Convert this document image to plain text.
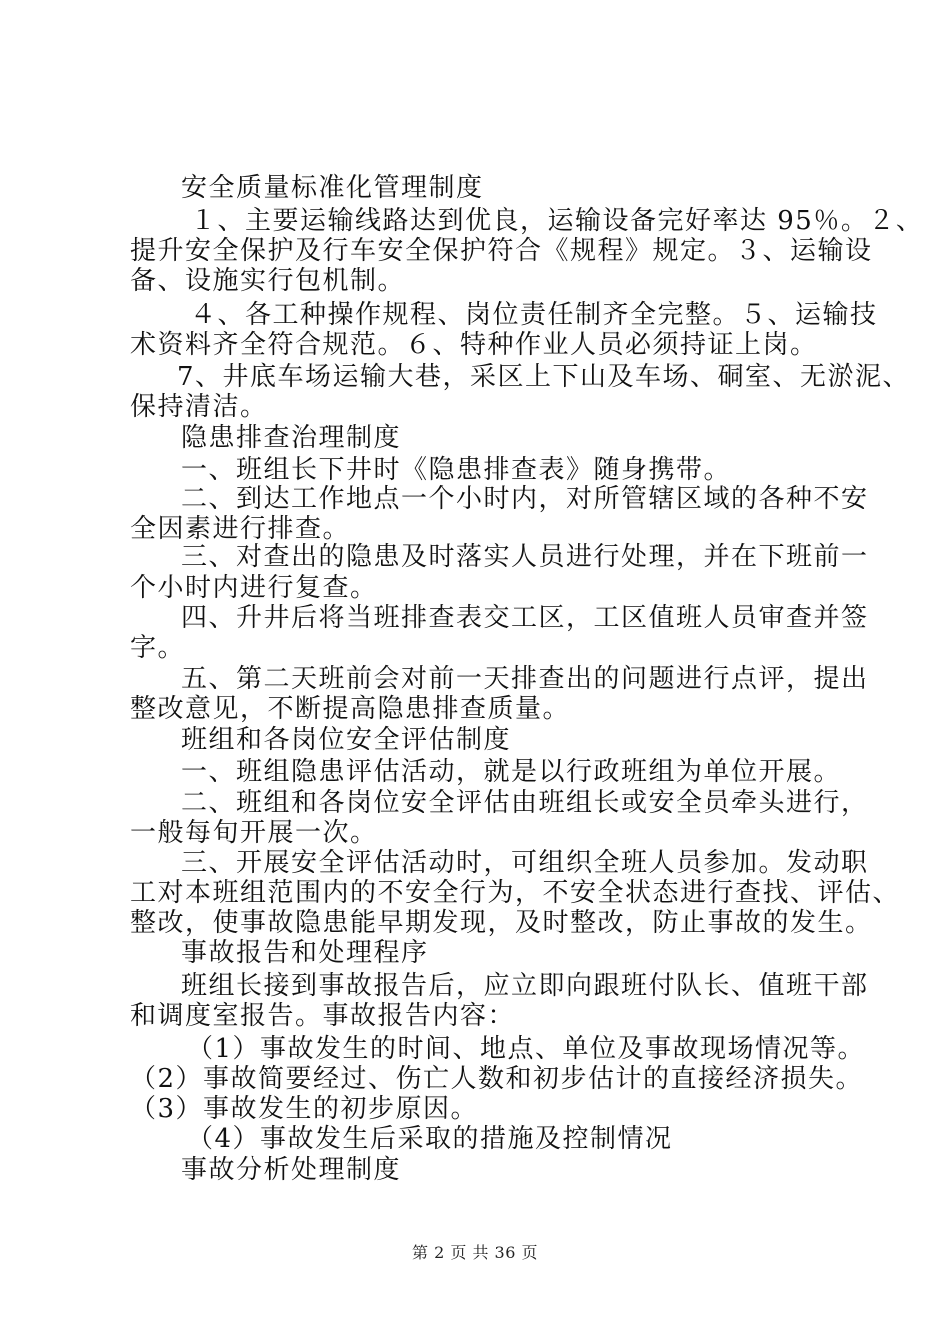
安全质量标准化管理制度
１、主要运输线路达到优良，运输设备完好率达 95％。２、
提升安全保护及行车安全保护符合《规程》规定。３、运输设
备、设施实行包机制。
４、各工种操作规程、岗位责任制齐全完整。５、运输技
术资料齐全符合规范。６、特种作业人员必须持证上岗。
7、井底车场运输大巷，采区上下山及车场、硐室、无淤泥、
保持清洁。
隐患排查治理制度
一、班组长下井时《隐患排查表》随身携带。
二、到达工作地点一个小时内，对所管辖区域的各种不安
全因素进行排查。
三、对查出的隐患及时落实人员进行处理，并在下班前一
个小时内进行复查。
四、升井后将当班排查表交工区，工区值班人员审查并签
字。
五、第二天班前会对前一天排查出的问题进行点评，提出
整改意见，不断提高隐患排查质量。
班组和各岗位安全评估制度
一、班组隐患评估活动，就是以行政班组为单位开展。
二、班组和各岗位安全评估由班组长或安全员牵头进行，
一般每旬开展一次。
三、开展安全评估活动时，可组织全班人员参加。发动职
工对本班组范围内的不安全行为，不安全状态进行查找、评估、
整改，使事故隐患能早期发现，及时整改，防止事故的发生。
事故报告和处理程序
班组长接到事故报告后，应立即向跟班付队长、值班干部
和调度室报告。事故报告内容：
（1）事故发生的时间、地点、单位及事故现场情况等。
（2）事故简要经过、伤亡人数和初步估计的直接经济损失。
（3）事故发生的初步原因。
（4）事故发生后采取的措施及控制情况
事故分析处理制度
第 2 页 共 36 页
